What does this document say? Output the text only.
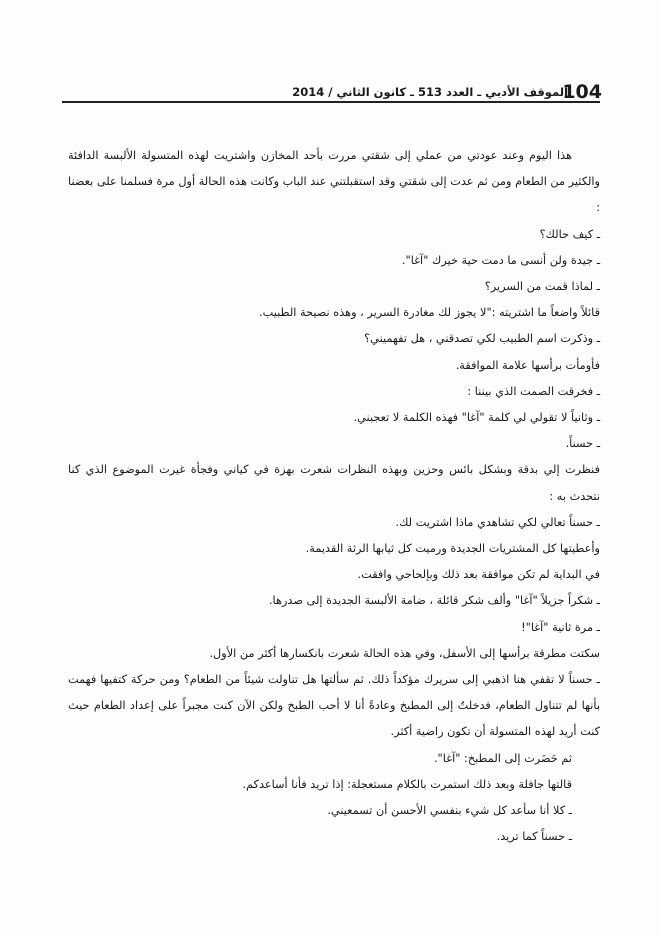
104
الموقف الأدبي ـ العدد 513 ـ كانون الثاني / 2014

هذا اليوم وعند عودتي من عملي إلى شقتي مررت بأحد المخازن واشتريت لهذه المتسولة الألبسة الدافئة والكثير من الطعام ومن ثم عدت إلى شقتي وقد استقبلتني عند الباب وكانت هذه الحالة أول مرة فسلمنا على بعضنا :

ـ كيف حالك؟

ـ جيدة ولن أنسى ما دمت حية خيرك "آغا".

ـ لماذا قمت من السرير؟

قائلاً واضعاً ما اشتريته :"لا يجوز لك مغادرة السرير ، وهذه نصيحة الطبيب.

ـ وذكرت اسم الطبيب لكي تصدقني ، هل تفهميني؟

فأومأت برأسها علامة الموافقة.

ـ فخرقت الصمت الذي بيننا :

ـ وثانياً لا تقولي لي كلمة "آغا" فهذه الكلمة لا تعجبني.

ـ حسناً.

فنظرت إلي بدقة وبشكل بائس وحزين وبهذه النظرات شعرت بهزة في كياني وفجأة غيرت الموضوع الذي كنا نتحدث به :

ـ حسناً تعالي لكي تشاهدي ماذا اشتريت لك.

وأعطيتها كل المشتريات الجديدة ورميت كل ثيابها الرثة القديمة.

في البداية لم تكن موافقة بعد ذلك وبإلحاحي وافقت.

ـ شكراً جزيلاً "آغا" وألف شكر قائلة ، ضامة الألبسة الجديدة إلى صدرها.

ـ مرة ثانية "آغا"!

سكتت مطرقة برأسها إلى الأسفل، وفي هذه الحالة شعرت بانكسارها أكثر من الأول.

ـ حسناً لا تقفي هنا اذهبي إلى سريرك مؤكداً ذلك. ثم سألتها هل تناولت شيئاً من الطعام؟ ومن حركة كتفيها فهمت بأنها لم تتناول الطعام، فدخلتُ إلى المطبخ وعادةً أنا لا أحب الطبخ ولكن الآن كنت مجبراً على إعداد الطعام حيث كنت أريد لهذه المتسولة أن تكون راضية أكثر.

ثم حَضَرت إلى المطبخ: "آغا".

قالتها جافلة وبعد ذلك استمرت بالكلام مستعجلة: إذا تريد فأنا أساعدكم.

ـ كلا أنا سأعد كل شيء بنفسي الأحسن أن تسمعيني.

ـ حسناً كما تريد.
